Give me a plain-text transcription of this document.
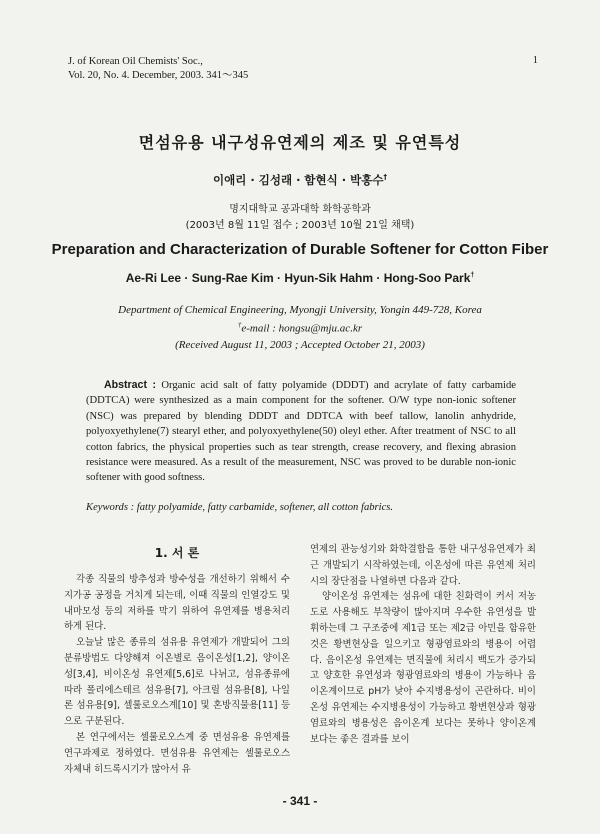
J. of Korean Oil Chemists' Soc.,
Vol. 20, No. 4. December, 2003. 341～345
1
면섬유용 내구성유연제의 제조 및 유연특성
이애리 · 김성래 · 함현식 · 박홍수†
명지대학교 공과대학 화학공학과
(2003년 8월 11일 접수 ; 2003년 10월 21일 채택)
Preparation and Characterization of Durable Softener for Cotton Fiber
Ae-Ri Lee · Sung-Rae Kim · Hyun-Sik Hahm · Hong-Soo Park†
Department of Chemical Engineering, Myongji University, Yongin 449-728, Korea
†e-mail : hongsu@mju.ac.kr
(Received August 11, 2003 ; Accepted October 21, 2003)
Abstract : Organic acid salt of fatty polyamide (DDDT) and acrylate of fatty carbamide (DDTCA) were synthesized as a main component for the softener. O/W type non-ionic softener (NSC) was prepared by blending DDDT and DDTCA with beef tallow, lanolin anhydride, polyoxyethylene(7) stearyl ether, and polyoxyethylene(50) oleyl ether. After treatment of NSC to all cotton fabrics, the physical properties such as tear strength, crease recovery, and flexing abrasion resistance were measured. As a result of the measurement, NSC was proved to be durable non-ionic softener with good softness.
Keywords : fatty polyamide, fatty carbamide, softener, all cotton fabrics.
1. 서 론

각종 직물의 방추성과 방수성을 개선하기 위해서 수지가공 공정을 거치게 되는데, 이때 직물의 인열강도 및 내마모성 등의 저하를 막기 위하여 유연제를 병용처리하게 된다.

오늘날 많은 종류의 섬유용 유연제가 개발되어 그의 분류방법도 다양해져 이온별로 음이온성[1,2], 양이온성[3,4], 비이온성 유연제[5,6]로 나뉘고, 섬유종류에 따라 폴리에스테르 섬유용[7], 아크릴 섬유용[8], 나일론 섬유용[9], 셀룰로오스계[10] 및 혼방직물용[11] 등으로 구분된다.

본 연구에서는 셀룰로오스계 중 면섬유용 유연제를 연구과제로 정하였다. 면섬유용 유연제는 셀룰로오스 자체내 히드록시기가 많아서 유

연제의 관능성기와 화학결합을 통한 내구성유연제가 최근 개발되기 시작하였는데, 이온성에 따른 유연제 처리시의 장단점을 나열하면 다음과 같다.

양이온성 유연제는 섬유에 대한 친화력이 커서 저농도로 사용해도 부착량이 많아지며 우수한 유연성을 발휘하는데 그 구조중에 제1급 또는 제2급 아민을 함유한 것은 황변현상을 일으키고 형광염료와의 병용이 어렵다. 음이온성 유연제는 면직물에 처리시 백도가 증가되고 양호한 유연성과 형광염료와의 병용이 가능하나 음이온계이므로 pH가 낮아 수지병용성이 곤란하다. 비이온성 유연제는 수지병용성이 가능하고 황변현상과 형광염료와의 병용성은 음이온계 보다는 못하나 양이온계 보다는 좋은 결과를 보이

- 341 -
